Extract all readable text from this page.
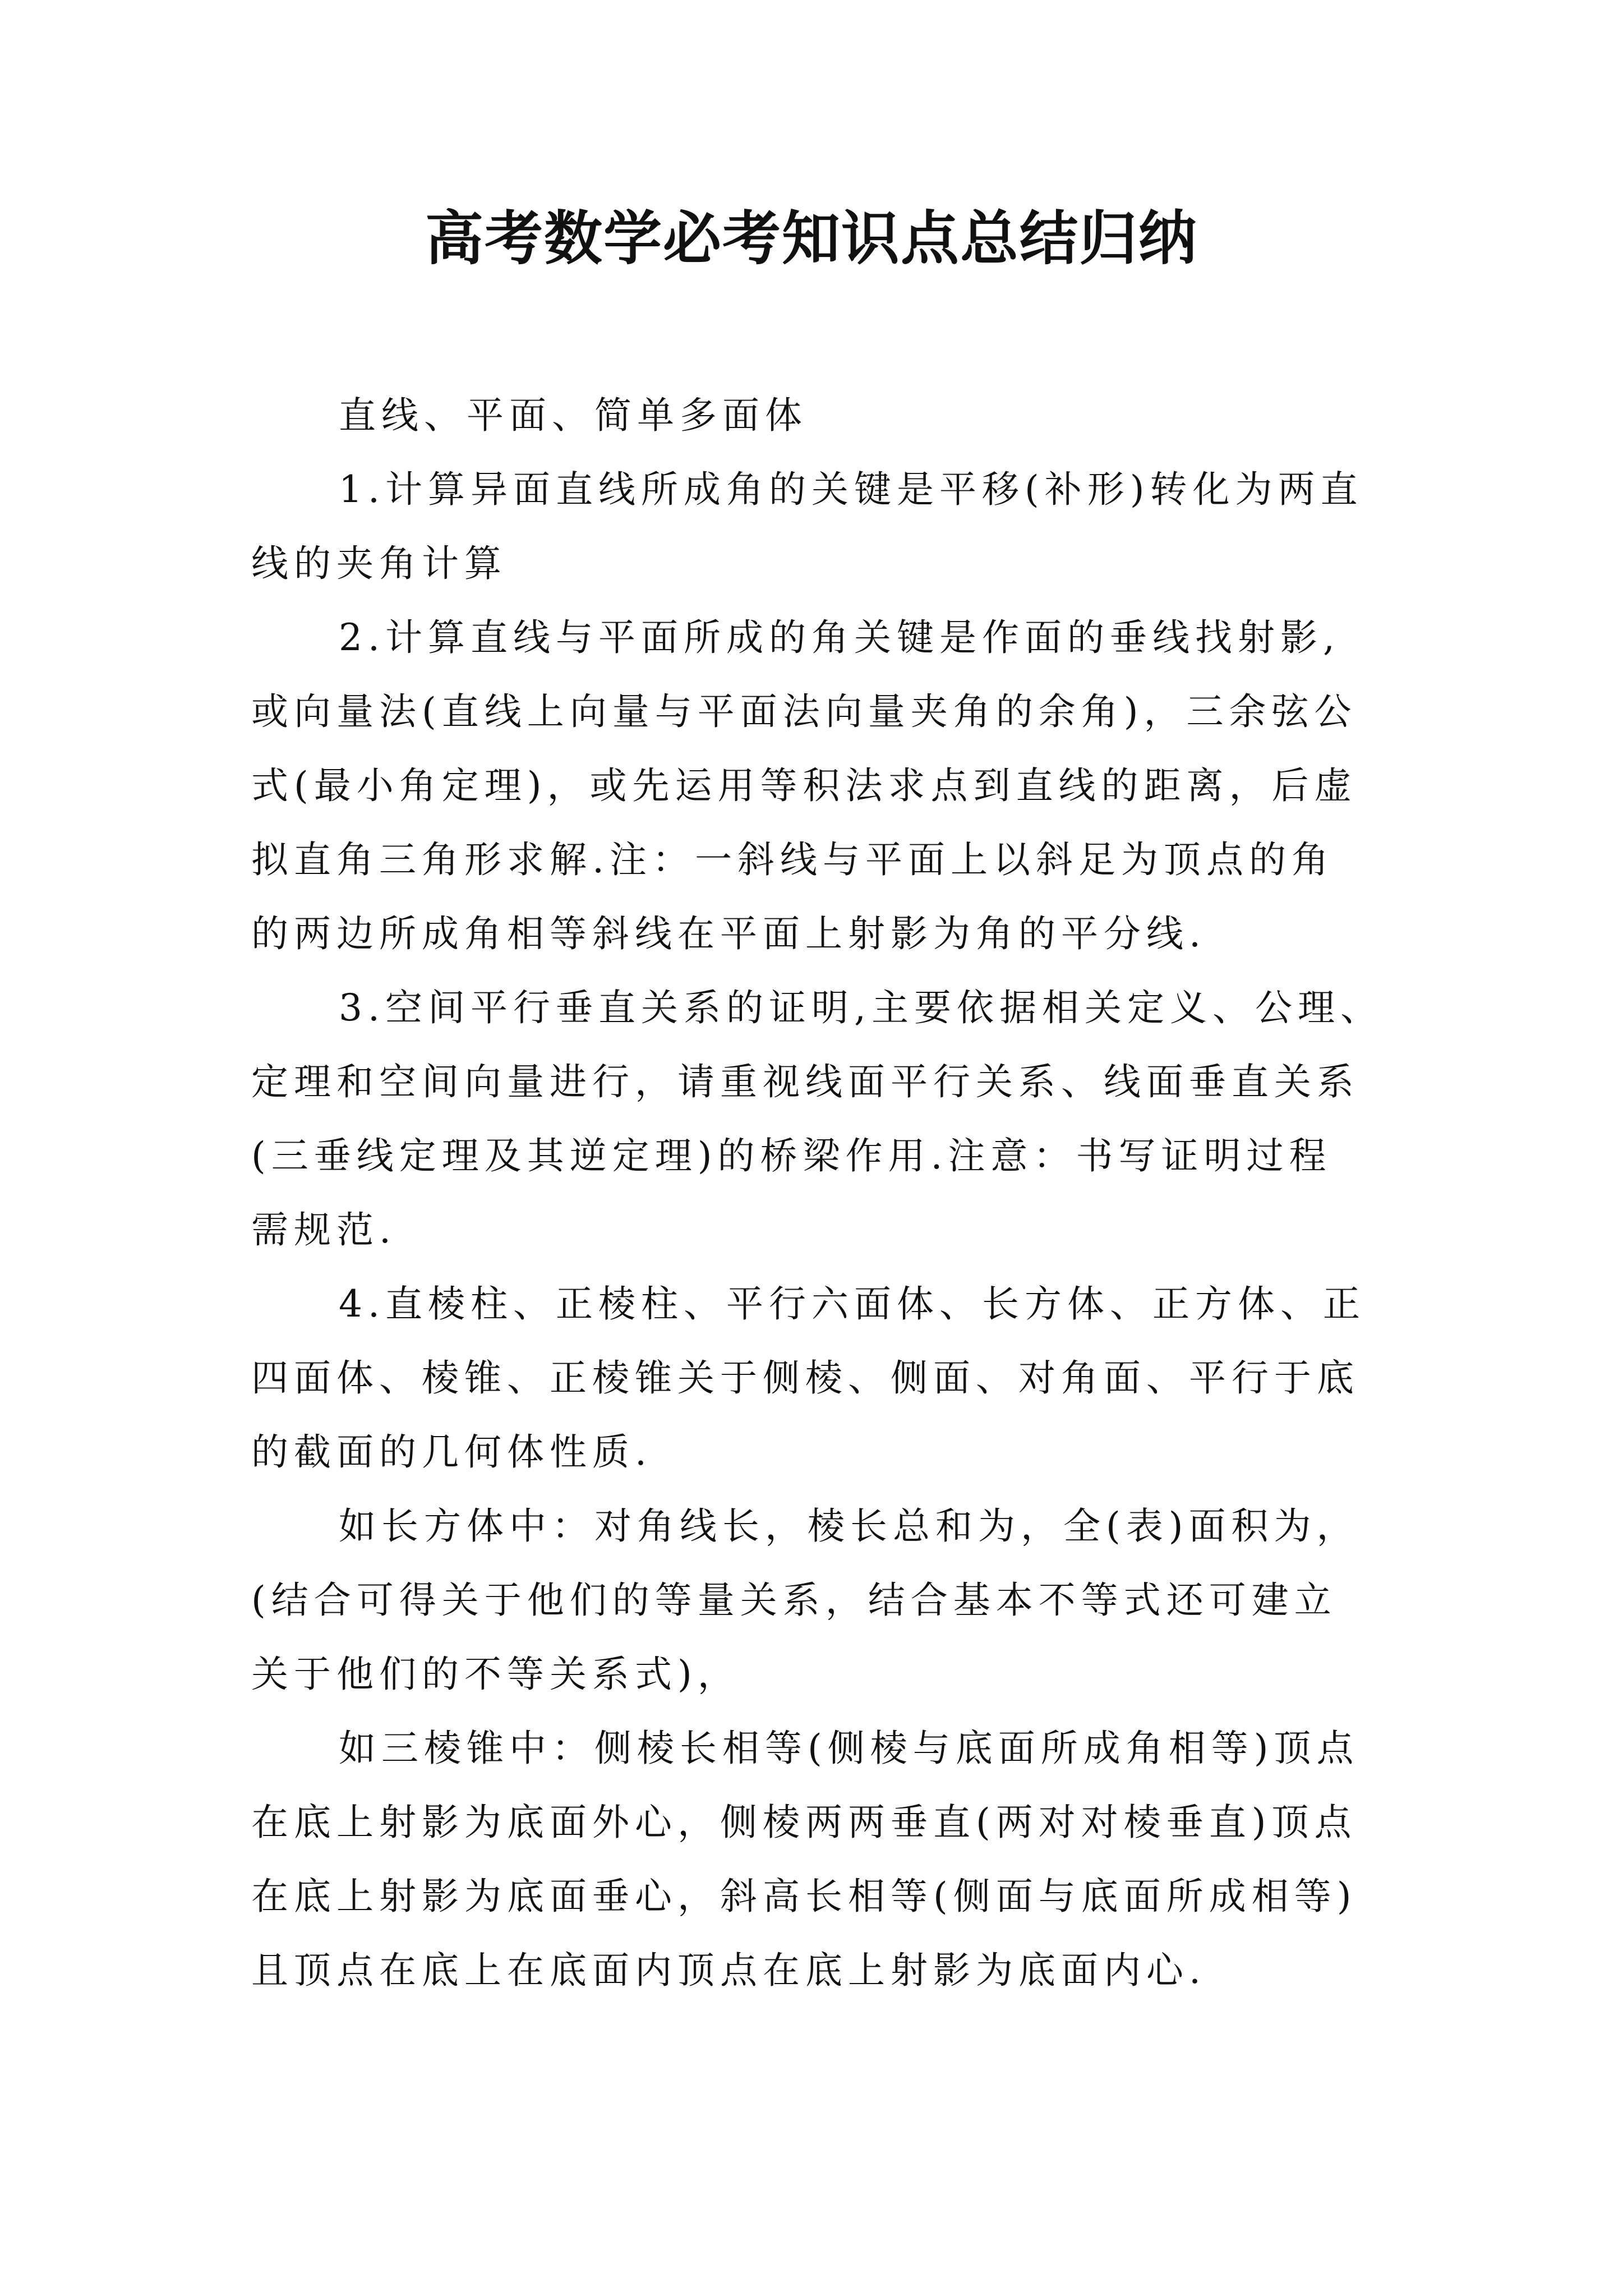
高考数学必考知识点总结归纳
直线、平面、简单多面体
1.计算异面直线所成角的关键是平移(补形)转化为两直
线的夹角计算
2.计算直线与平面所成的角关键是作面的垂线找射影,
或向量法(直线上向量与平面法向量夹角的余角)，三余弦公
式(最小角定理)，或先运用等积法求点到直线的距离，后虚
拟直角三角形求解.注：一斜线与平面上以斜足为顶点的角
的两边所成角相等斜线在平面上射影为角的平分线.
3.空间平行垂直关系的证明,主要依据相关定义、公理、
定理和空间向量进行，请重视线面平行关系、线面垂直关系
(三垂线定理及其逆定理)的桥梁作用.注意：书写证明过程
需规范.
4.直棱柱、正棱柱、平行六面体、长方体、正方体、正
四面体、棱锥、正棱锥关于侧棱、侧面、对角面、平行于底
的截面的几何体性质.
如长方体中：对角线长，棱长总和为，全(表)面积为，
(结合可得关于他们的等量关系，结合基本不等式还可建立
关于他们的不等关系式)，
如三棱锥中：侧棱长相等(侧棱与底面所成角相等)顶点
在底上射影为底面外心，侧棱两两垂直(两对对棱垂直)顶点
在底上射影为底面垂心，斜高长相等(侧面与底面所成相等)
且顶点在底上在底面内顶点在底上射影为底面内心.
